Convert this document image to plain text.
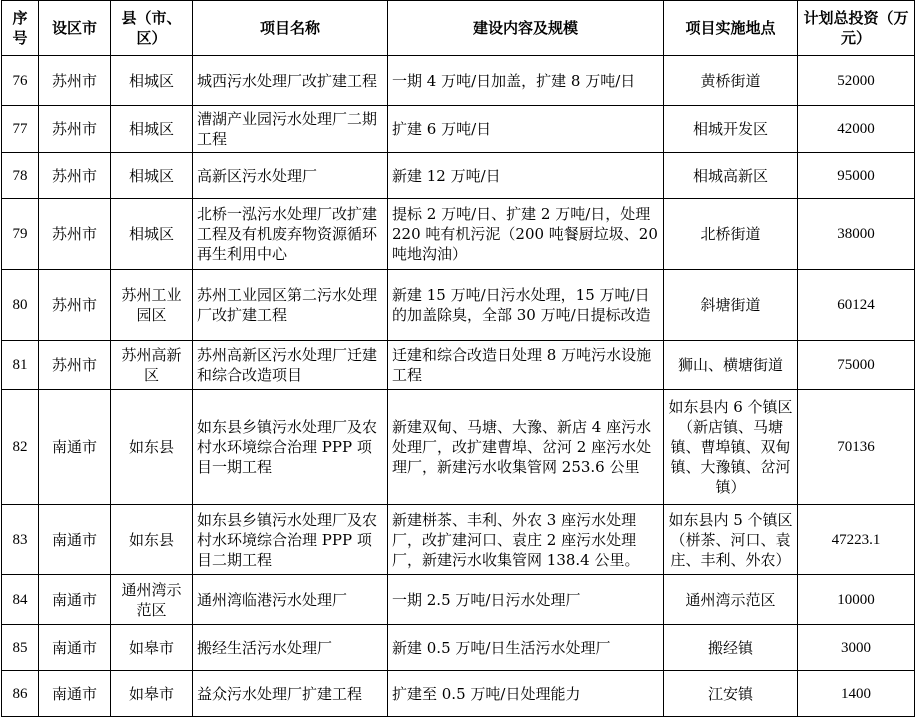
序号	设区市	县（市、区）	项目名称	建设内容及规模	项目实施地点	计划总投资（万元）
76	苏州市	相城区	城西污水处理厂改扩建工程	一期 4 万吨/日加盖，扩建 8 万吨/日	黄桥街道	52000
77	苏州市	相城区	漕湖产业园污水处理厂二期工程	扩建 6 万吨/日	相城开发区	42000
78	苏州市	相城区	高新区污水处理厂	新建 12 万吨/日	相城高新区	95000
79	苏州市	相城区	北桥一泓污水处理厂改扩建工程及有机废弃物资源循环再生利用中心	提标 2 万吨/日、扩建 2 万吨/日，处理 220 吨有机污泥（200 吨餐厨垃圾、20 吨地沟油）	北桥街道	38000
80	苏州市	苏州工业园区	苏州工业园区第二污水处理厂改扩建工程	新建 15 万吨/日污水处理，15 万吨/日的加盖除臭，全部 30 万吨/日提标改造	斜塘街道	60124
81	苏州市	苏州高新区	苏州高新区污水处理厂迁建和综合改造项目	迁建和综合改造日处理 8 万吨污水设施工程	狮山、横塘街道	75000
82	南通市	如东县	如东县乡镇污水处理厂及农村水环境综合治理 PPP 项目一期工程	新建双甸、马塘、大豫、新店 4 座污水处理厂，改扩建曹埠、岔河 2 座污水处理厂，新建污水收集管网 253.6 公里	如东县内 6 个镇区（新店镇、马塘镇、曹埠镇、双甸镇、大豫镇、岔河镇）	70136
83	南通市	如东县	如东县乡镇污水处理厂及农村水环境综合治理 PPP 项目二期工程	新建栟茶、丰利、外农 3 座污水处理厂，改扩建河口、袁庄 2 座污水处理厂，新建污水收集管网 138.4 公里。	如东县内 5 个镇区（栟茶、河口、袁庄、丰利、外农）	47223.1
84	南通市	通州湾示范区	通州湾临港污水处理厂	一期 2.5 万吨/日污水处理厂	通州湾示范区	10000
85	南通市	如皋市	搬经生活污水处理厂	新建 0.5 万吨/日生活污水处理厂	搬经镇	3000
86	南通市	如皋市	益众污水处理厂扩建工程	扩建至 0.5 万吨/日处理能力	江安镇	1400
